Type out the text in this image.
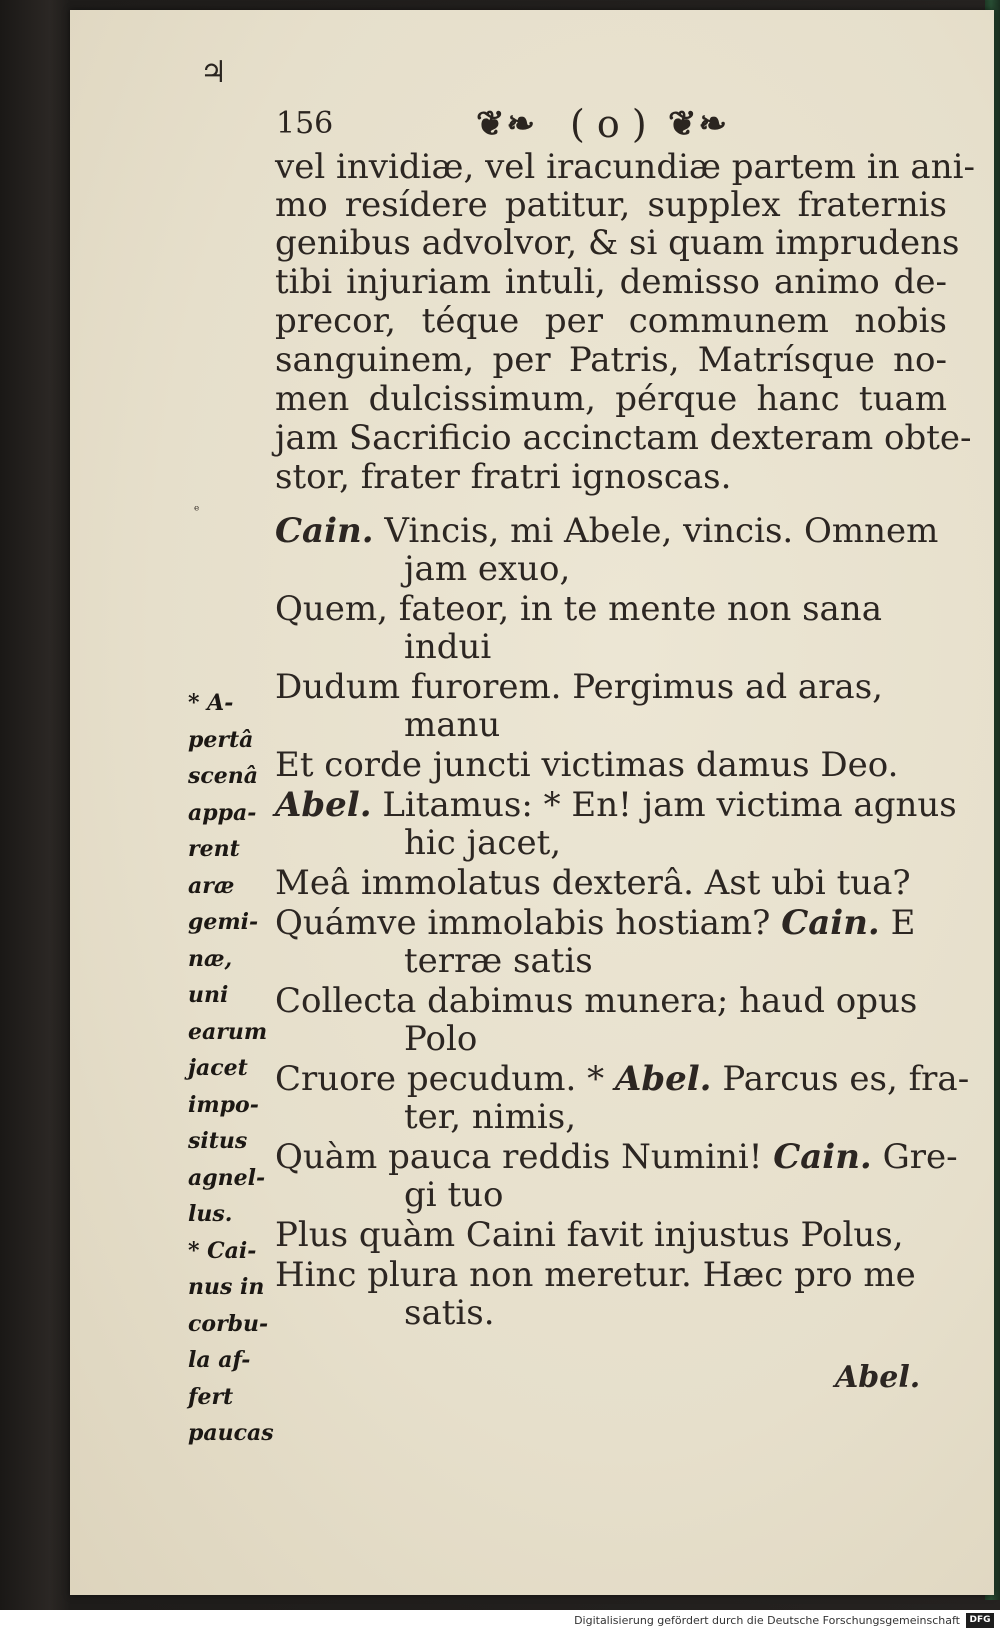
♃
ᵉ
156	❦❧ ( o ) ❦❧
vel invidiæ, vel iracundiæ partem in ani-
mo resídere patitur, supplex fraternis
genibus advolvor, & si quam imprudens
tibi injuriam intuli, demisso animo de-
precor, téque per communem nobis
sanguinem, per Patris, Matrísque no-
men dulcissimum, pérque hanc tuam
jam Sacrificio accinctam dexteram obte-
stor, frater fratri ignoscas.
Cain. Vincis, mi Abele, vincis. Omnem
jam exuo,
Quem, fateor, in te mente non sana
indui
Dudum furorem. Pergimus ad aras,
manu
Et corde juncti victimas damus Deo.
Abel. Litamus: * En! jam victima agnus
hic jacet,
Meâ immolatus dexterâ. Ast ubi tua?
Quámve immolabis hostiam? Cain. E
terræ satis
Collecta dabimus munera; haud opus
Polo
Cruore pecudum. * Abel. Parcus es, fra-
ter, nimis,
Quàm pauca reddis Numini! Cain. Gre-
gi tuo
Plus quàm Caini favit injustus Polus,
Hinc plura non meretur. Hæc pro me
satis.
* A-
pertâ
scenâ
appa-
rent
aræ
gemi-
næ, uni
earum
jacet
impo-
situs
agnel-
lus.
* Cai-
nus in
corbu-
la af-
fert
paucas
Abel.
Digitalisierung gefördert durch die Deutsche Forschungsgemeinschaft	DFG
